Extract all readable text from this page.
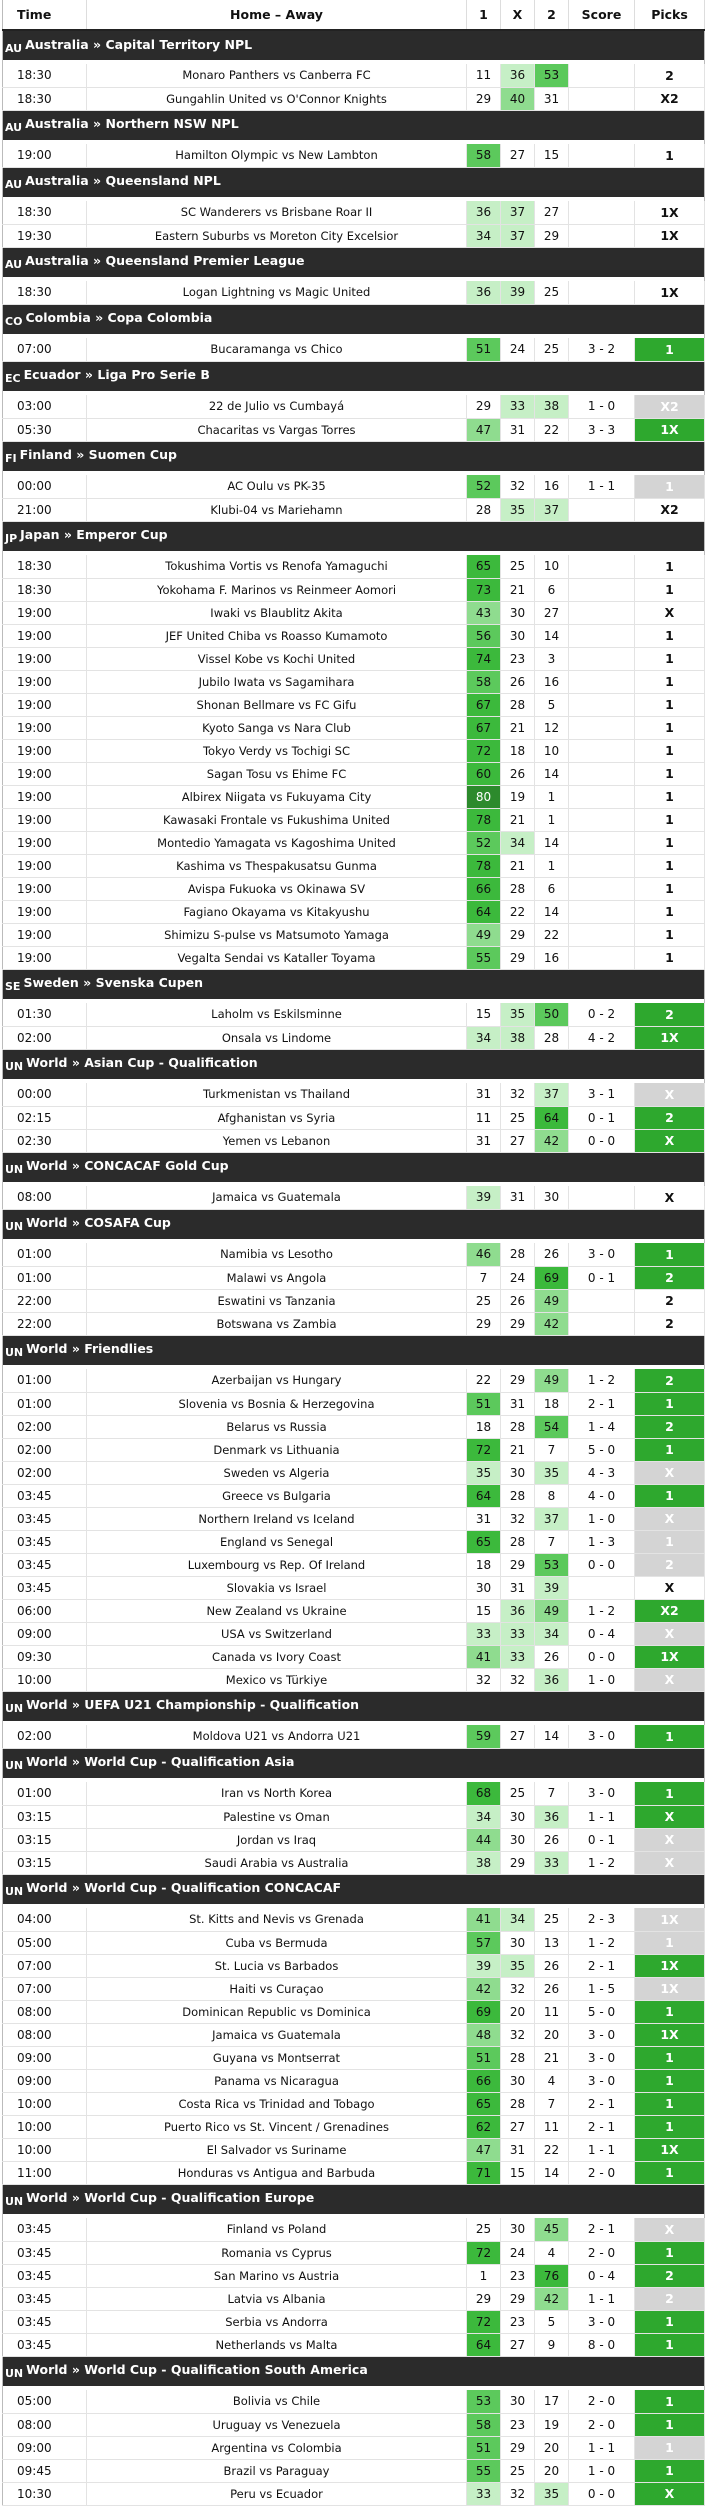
Time	Home – Away	1	X	2	Score	Picks
AU Australia » Capital Territory NPL						

18:30	Monaro Panthers vs Canberra FC	11	36	53		2
18:30	Gungahlin United vs O'Connor Knights	29	40	31		X2
AU Australia » Northern NSW NPL						

19:00	Hamilton Olympic vs New Lambton	58	27	15		1
AU Australia » Queensland NPL						

18:30	SC Wanderers vs Brisbane Roar II	36	37	27		1X
19:30	Eastern Suburbs vs Moreton City Excelsior	34	37	29		1X
AU Australia » Queensland Premier League						

18:30	Logan Lightning vs Magic United	36	39	25		1X
CO Colombia » Copa Colombia						

07:00	Bucaramanga vs Chico	51	24	25	3 - 2	1
EC Ecuador » Liga Pro Serie B						

03:00	22 de Julio vs Cumbayá	29	33	38	1 - 0	X2
05:30	Chacaritas vs Vargas Torres	47	31	22	3 - 3	1X
FI Finland » Suomen Cup						

00:00	AC Oulu vs PK-35	52	32	16	1 - 1	1
21:00	Klubi-04 vs Mariehamn	28	35	37		X2
JP Japan » Emperor Cup						

18:30	Tokushima Vortis vs Renofa Yamaguchi	65	25	10		1
18:30	Yokohama F. Marinos vs Reinmeer Aomori	73	21	6		1
19:00	Iwaki vs Blaublitz Akita	43	30	27		X
19:00	JEF United Chiba vs Roasso Kumamoto	56	30	14		1
19:00	Vissel Kobe vs Kochi United	74	23	3		1
19:00	Jubilo Iwata vs Sagamihara	58	26	16		1
19:00	Shonan Bellmare vs FC Gifu	67	28	5		1
19:00	Kyoto Sanga vs Nara Club	67	21	12		1
19:00	Tokyo Verdy vs Tochigi SC	72	18	10		1
19:00	Sagan Tosu vs Ehime FC	60	26	14		1
19:00	Albirex Niigata vs Fukuyama City	80	19	1		1
19:00	Kawasaki Frontale vs Fukushima United	78	21	1		1
19:00	Montedio Yamagata vs Kagoshima United	52	34	14		1
19:00	Kashima vs Thespakusatsu Gunma	78	21	1		1
19:00	Avispa Fukuoka vs Okinawa SV	66	28	6		1
19:00	Fagiano Okayama vs Kitakyushu	64	22	14		1
19:00	Shimizu S-pulse vs Matsumoto Yamaga	49	29	22		1
19:00	Vegalta Sendai vs Kataller Toyama	55	29	16		1
SE Sweden » Svenska Cupen						

01:30	Laholm vs Eskilsminne	15	35	50	0 - 2	2
02:00	Onsala vs Lindome	34	38	28	4 - 2	1X
UN World » Asian Cup - Qualification						

00:00	Turkmenistan vs Thailand	31	32	37	3 - 1	X
02:15	Afghanistan vs Syria	11	25	64	0 - 1	2
02:30	Yemen vs Lebanon	31	27	42	0 - 0	X
UN World » CONCACAF Gold Cup						

08:00	Jamaica vs Guatemala	39	31	30		X
UN World » COSAFA Cup						

01:00	Namibia vs Lesotho	46	28	26	3 - 0	1
01:00	Malawi vs Angola	7	24	69	0 - 1	2
22:00	Eswatini vs Tanzania	25	26	49		2
22:00	Botswana vs Zambia	29	29	42		2
UN World » Friendlies						

01:00	Azerbaijan vs Hungary	22	29	49	1 - 2	2
01:00	Slovenia vs Bosnia & Herzegovina	51	31	18	2 - 1	1
02:00	Belarus vs Russia	18	28	54	1 - 4	2
02:00	Denmark vs Lithuania	72	21	7	5 - 0	1
02:00	Sweden vs Algeria	35	30	35	4 - 3	X
03:45	Greece vs Bulgaria	64	28	8	4 - 0	1
03:45	Northern Ireland vs Iceland	31	32	37	1 - 0	X
03:45	England vs Senegal	65	28	7	1 - 3	1
03:45	Luxembourg vs Rep. Of Ireland	18	29	53	0 - 0	2
03:45	Slovakia vs Israel	30	31	39		X
06:00	New Zealand vs Ukraine	15	36	49	1 - 2	X2
09:00	USA vs Switzerland	33	33	34	0 - 4	X
09:30	Canada vs Ivory Coast	41	33	26	0 - 0	1X
10:00	Mexico vs Türkiye	32	32	36	1 - 0	X
UN World » UEFA U21 Championship - Qualification						

02:00	Moldova U21 vs Andorra U21	59	27	14	3 - 0	1
UN World » World Cup - Qualification Asia						

01:00	Iran vs North Korea	68	25	7	3 - 0	1
03:15	Palestine vs Oman	34	30	36	1 - 1	X
03:15	Jordan vs Iraq	44	30	26	0 - 1	X
03:15	Saudi Arabia vs Australia	38	29	33	1 - 2	X
UN World » World Cup - Qualification CONCACAF						

04:00	St. Kitts and Nevis vs Grenada	41	34	25	2 - 3	1X
05:00	Cuba vs Bermuda	57	30	13	1 - 2	1
07:00	St. Lucia vs Barbados	39	35	26	2 - 1	1X
07:00	Haiti vs Curaçao	42	32	26	1 - 5	1X
08:00	Dominican Republic vs Dominica	69	20	11	5 - 0	1
08:00	Jamaica vs Guatemala	48	32	20	3 - 0	1X
09:00	Guyana vs Montserrat	51	28	21	3 - 0	1
09:00	Panama vs Nicaragua	66	30	4	3 - 0	1
10:00	Costa Rica vs Trinidad and Tobago	65	28	7	2 - 1	1
10:00	Puerto Rico vs St. Vincent / Grenadines	62	27	11	2 - 1	1
10:00	El Salvador vs Suriname	47	31	22	1 - 1	1X
11:00	Honduras vs Antigua and Barbuda	71	15	14	2 - 0	1
UN World » World Cup - Qualification Europe						

03:45	Finland vs Poland	25	30	45	2 - 1	X
03:45	Romania vs Cyprus	72	24	4	2 - 0	1
03:45	San Marino vs Austria	1	23	76	0 - 4	2
03:45	Latvia vs Albania	29	29	42	1 - 1	2
03:45	Serbia vs Andorra	72	23	5	3 - 0	1
03:45	Netherlands vs Malta	64	27	9	8 - 0	1
UN World » World Cup - Qualification South America						

05:00	Bolivia vs Chile	53	30	17	2 - 0	1
08:00	Uruguay vs Venezuela	58	23	19	2 - 0	1
09:00	Argentina vs Colombia	51	29	20	1 - 1	1
09:45	Brazil vs Paraguay	55	25	20	1 - 0	1
10:30	Peru vs Ecuador	33	32	35	0 - 0	X
